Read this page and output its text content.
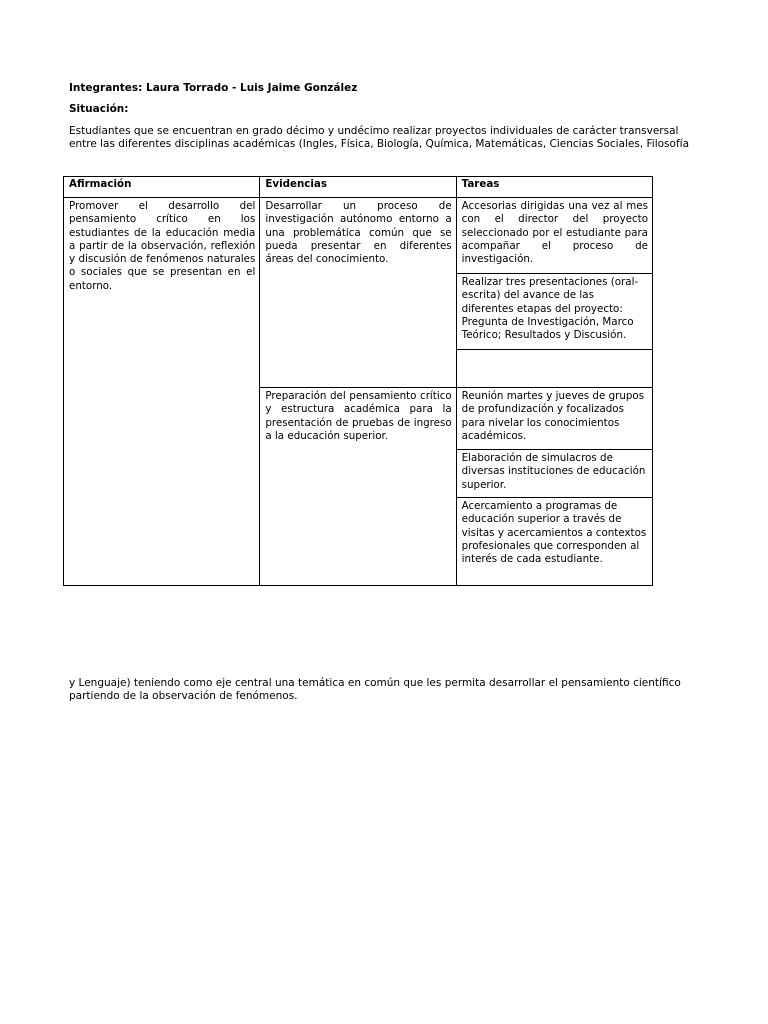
Integrantes: Laura Torrado - Luis Jaime González
Situación:
Estudiantes que se encuentran en grado décimo y undécimo realizar proyectos individuales de carácter transversal
entre las diferentes disciplinas académicas (Ingles, Física, Biología, Química, Matemáticas, Ciencias Sociales, Filosofía
Afirmación	Evidencias	Tareas
Promover el desarrollo del pensamiento crítico en los estudiantes de la educación media a partir de la observación, reflexión y discusión de fenómenos naturales o sociales que se presentan en el entorno.	Desarrollar un proceso de investigación autónomo entorno a una problemática común que se pueda presentar en diferentes áreas del conocimiento.	Accesorias dirigidas una vez al mes con el director del proyecto seleccionado por el estudiante para acompañar el proceso de investigación.
		Realizar tres presentaciones (oral-escrita) del avance de las diferentes etapas del proyecto: Pregunta de Investigación, Marco Teórico; Resultados y Discusión.

	Preparación del pensamiento crítico y estructura académica para la presentación de pruebas de ingreso a la educación superior.	Reunión martes y jueves de grupos de profundización y focalizados para nivelar los conocimientos académicos.
		Elaboración de simulacros de diversas instituciones de educación superior.
		Acercamiento a programas de educación superior a través de visitas y acercamientos a contextos profesionales que corresponden al interés de cada estudiante.
y Lenguaje) teniendo como eje central una temática en común que les permita desarrollar el pensamiento científico
partiendo de la observación de fenómenos.
